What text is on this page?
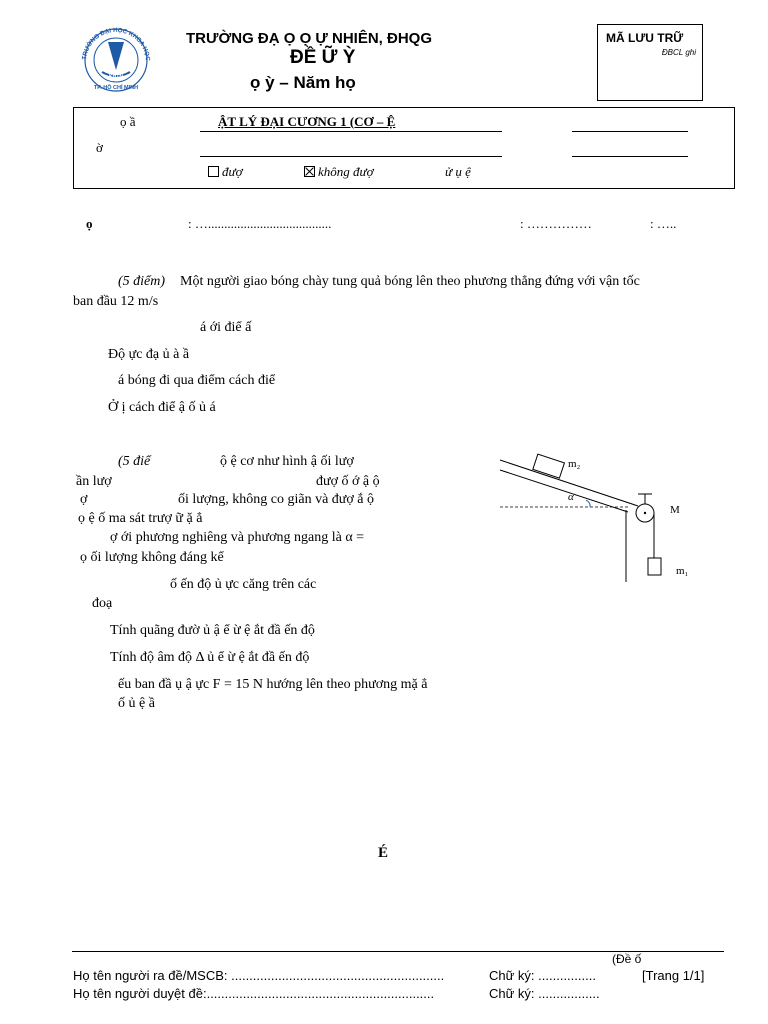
TRƯỜNG ĐẠI HỌC KHOA HỌC
KHTN
TP. HỒ CHÍ MINH
TRƯỜNG ĐẠ Ọ Ọ Ự NHIÊN, ĐHQG
ĐỀ Ữ Ỳ
ọ ỳ – Năm họ
MÃ LƯU TRỮ
ĐBCL ghi
ọ ầ	ẬT LÝ ĐẠI CƯƠNG 1 (CƠ – Ệ
ờ
đượ	không đượ	ử ụ ệ
ọ	: …......................................	: ……………	: …..
(5 điểm) Một người giao bóng chày tung quả bóng lên theo phương thẳng đứng với vận tốc
ban đầu 12 m/s
á ới điể ấ
Độ ực đạ ủ à ầ
á bóng đi qua điểm cách điể
Ở ị cách điể ậ ố ủ á
(5 điể	ộ ệ cơ như hình ậ ối lượ
ần lượ	đượ ố ớ ậ ộ
ợ	ối lượng, không co giãn và đượ ắ ộ
ọ ệ ố ma sát trượ ữ ặ ẳ
ợ ới phương nghiêng và phương ngang là α =
ọ ối lượng không đáng kể
ố ến độ ủ ực căng trên các
đoạ
Tính quãng đườ ủ ậ ể ừ ệ ắt đầ ến độ
Tính độ âm độ Δ ủ ể ừ ệ ắt đầ ến độ
ếu ban đầ ụ ậ ực F = 15 N hướng lên theo phương mặ ẳ
ố ủ ệ ầ
m₂
α
M
m₁
É
(Đề ố
Họ tên người ra đề/MSCB: ...........................................................	Chữ ký: ................	[Trang 1/1]
Họ tên người duyệt đề:...............................................................	Chữ ký: .................
